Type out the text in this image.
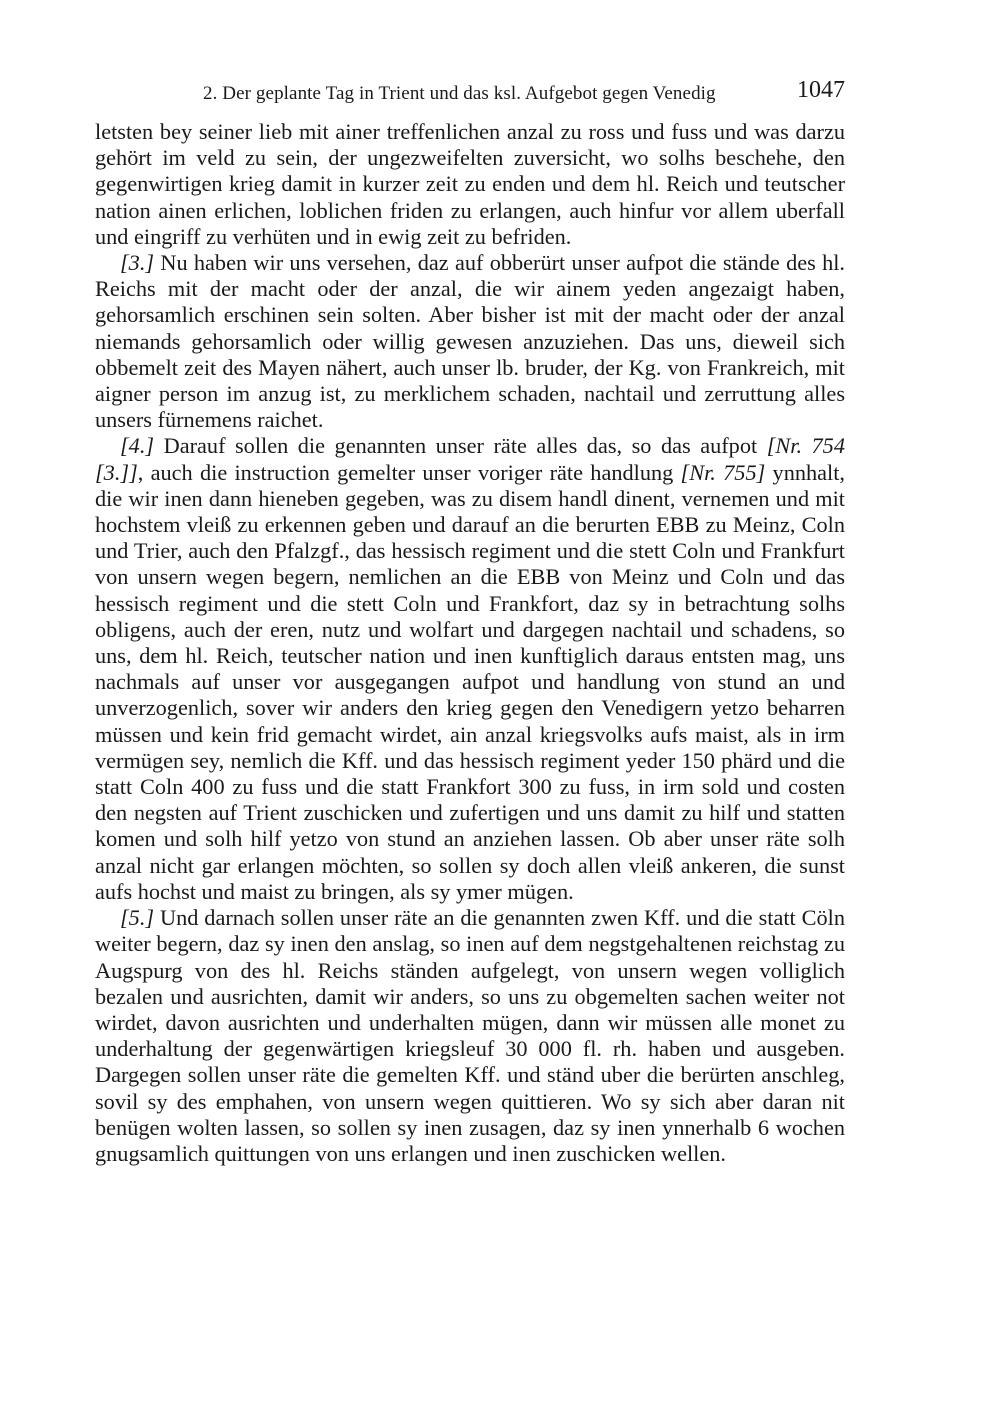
2. Der geplante Tag in Trient und das ksl. Aufgebot gegen Venedig	1047

letsten bey seiner lieb mit ainer treffenlichen anzal zu ross und fuss und was darzu gehört im veld zu sein, der ungezweifelten zuversicht, wo solhs beschehe, den gegenwirtigen krieg damit in kurzer zeit zu enden und dem hl. Reich und teutscher nation ainen erlichen, loblichen friden zu erlangen, auch hinfur vor allem uberfall und eingriff zu verhüten und in ewig zeit zu befriden.

[3.] Nu haben wir uns versehen, daz auf obberürt unser aufpot die stände des hl. Reichs mit der macht oder der anzal, die wir ainem yeden angezaigt haben, gehorsamlich erschinen sein solten. Aber bisher ist mit der macht oder der anzal niemands gehorsamlich oder willig gewesen anzuziehen. Das uns, dieweil sich obbemelt zeit des Mayen nähert, auch unser lb. bruder, der Kg. von Frankreich, mit aigner person im anzug ist, zu merklichem schaden, nachtail und zerruttung alles unsers fürnemens raichet.

[4.] Darauf sollen die genannten unser räte alles das, so das aufpot [Nr. 754 [3.]], auch die instruction gemelter unser voriger räte handlung [Nr. 755] ynnhalt, die wir inen dann hieneben gegeben, was zu disem handl dinent, vernemen und mit hochstem vleiß zu erkennen geben und darauf an die berurten EBB zu Meinz, Coln und Trier, auch den Pfalzgf., das hessisch regiment und die stett Coln und Frankfurt von unsern wegen begern, nemlichen an die EBB von Meinz und Coln und das hessisch regiment und die stett Coln und Frankfort, daz sy in betrachtung solhs obligens, auch der eren, nutz und wolfart und dargegen nachtail und schadens, so uns, dem hl. Reich, teutscher nation und inen kunftiglich daraus entsten mag, uns nachmals auf unser vor ausgegangen aufpot und handlung von stund an und unverzogenlich, sover wir anders den krieg gegen den Venedigern yetzo beharren müssen und kein frid gemacht wirdet, ain anzal kriegsvolks aufs maist, als in irm vermügen sey, nemlich die Kff. und das hessisch regiment yeder 150 phärd und die statt Coln 400 zu fuss und die statt Frankfort 300 zu fuss, in irm sold und costen den negsten auf Trient zuschicken und zufertigen und uns damit zu hilf und statten komen und solh hilf yetzo von stund an anziehen lassen. Ob aber unser räte solh anzal nicht gar erlangen möchten, so sollen sy doch allen vleiß ankeren, die sunst aufs hochst und maist zu bringen, als sy ymer mügen.

[5.] Und darnach sollen unser räte an die genannten zwen Kff. und die statt Cöln weiter begern, daz sy inen den anslag, so inen auf dem negstgehaltenen reichstag zu Augspurg von des hl. Reichs ständen aufgelegt, von unsern wegen volliglich bezalen und ausrichten, damit wir anders, so uns zu obgemelten sachen weiter not wirdet, davon ausrichten und underhalten mügen, dann wir müssen alle monet zu underhaltung der gegenwärtigen kriegsleuf 30 000 fl. rh. haben und ausgeben. Dargegen sollen unser räte die gemelten Kff. und ständ uber die berürten anschleg, sovil sy des emphahen, von unsern wegen quittieren. Wo sy sich aber daran nit benügen wolten lassen, so sollen sy inen zusagen, daz sy inen ynnerhalb 6 wochen gnugsamlich quittungen von uns erlangen und inen zuschicken wellen.
